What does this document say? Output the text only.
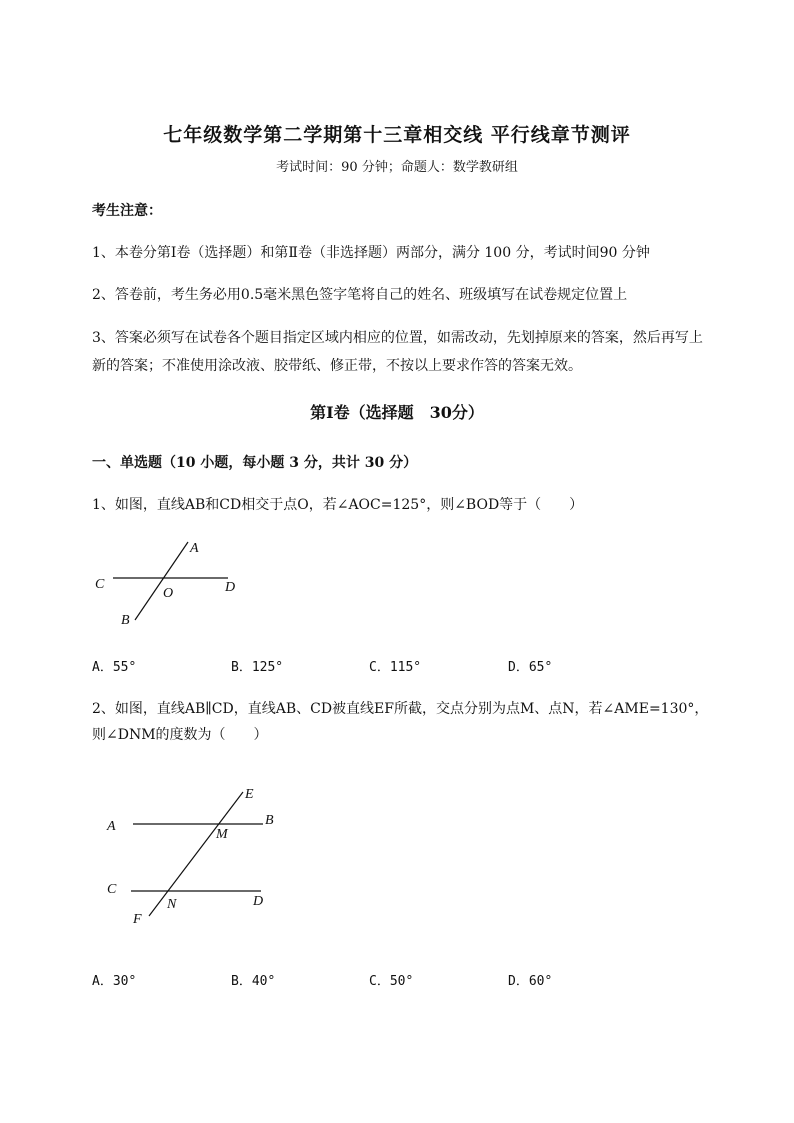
七年级数学第二学期第十三章相交线 平行线章节测评
考试时间：90 分钟；命题人：数学教研组
考生注意：
1、本卷分第Ⅰ卷（选择题）和第Ⅱ卷（非选择题）两部分，满分 100 分，考试时间90 分钟
2、答卷前，考生务必用0.5毫米黑色签字笔将自己的姓名、班级填写在试卷规定位置上
3、答案必须写在试卷各个题目指定区域内相应的位置，如需改动，先划掉原来的答案，然后再写上新的答案；不准使用涂改液、胶带纸、修正带，不按以上要求作答的答案无效。
第Ⅰ卷（选择题　30分）
一、单选题（10 小题，每小题 3 分，共计 30 分）
1、如图，直线AB和CD相交于点O，若∠AOC=125°，则∠BOD等于（　　）
A
C
O	D
B
A．55°	B．125°	C．115°	D．65°
2、如图，直线AB∥CD，直线AB、CD被直线EF所截，交点分别为点M、点N，若∠AME=130°，则∠DNM的度数为（　　）
E
A	B
M
C
N	D
F
A．30°	B．40°	C．50°	D．60°
